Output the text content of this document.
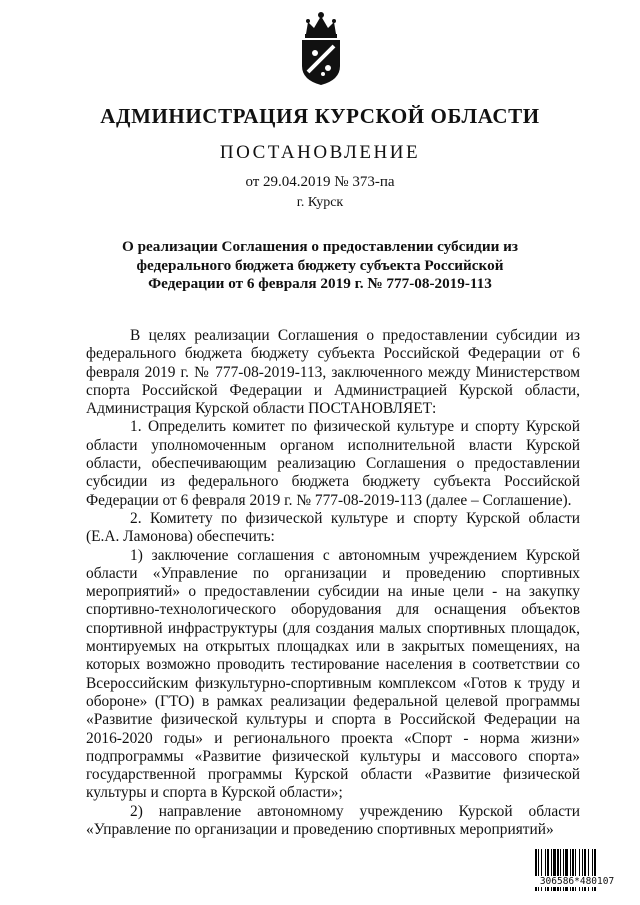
АДМИНИСТРАЦИЯ КУРСКОЙ ОБЛАСТИ
ПОСТАНОВЛЕНИЕ
от 29.04.2019 № 373-па
г. Курск
О реализации Соглашения о предоставлении субсидии из федерального бюджета бюджету субъекта Российской Федерации от 6 февраля 2019 г. № 777-08-2019-113

В целях реализации Соглашения о предоставлении субсидии из федерального бюджета бюджету субъекта Российской Федерации от 6 февраля 2019 г. № 777-08-2019-113, заключенного между Министерством спорта Российской Федерации и Администрацией Курской области, Администрация Курской области ПОСТАНОВЛЯЕТ:

1. Определить комитет по физической культуре и спорту Курской области уполномоченным органом исполнительной власти Курской области, обеспечивающим реализацию Соглашения о предоставлении субсидии из федерального бюджета бюджету субъекта Российской Федерации от 6 февраля 2019 г. № 777-08-2019-113 (далее – Соглашение).

2. Комитету по физической культуре и спорту Курской области (Е.А. Ламонова) обеспечить:

1) заключение соглашения с автономным учреждением Курской области «Управление по организации и проведению спортивных мероприятий» о предоставлении субсидии на иные цели - на закупку спортивно-технологического оборудования для оснащения объектов спортивной инфраструктуры (для создания малых спортивных площадок, монтируемых на открытых площадках или в закрытых помещениях, на которых возможно проводить тестирование населения в соответствии со Всероссийским физкультурно-спортивным комплексом «Готов к труду и обороне» (ГТО) в рамках реализации федеральной целевой программы «Развитие физической культуры и спорта в Российской Федерации на 2016-2020 годы» и регионального проекта «Спорт - норма жизни» подпрограммы «Развитие физической культуры и массового спорта» государственной программы Курской области «Развитие физической культуры и спорта в Курской области»;

2) направление автономному учреждению Курской области «Управление по организации и проведению спортивных мероприятий»

306586*480107
